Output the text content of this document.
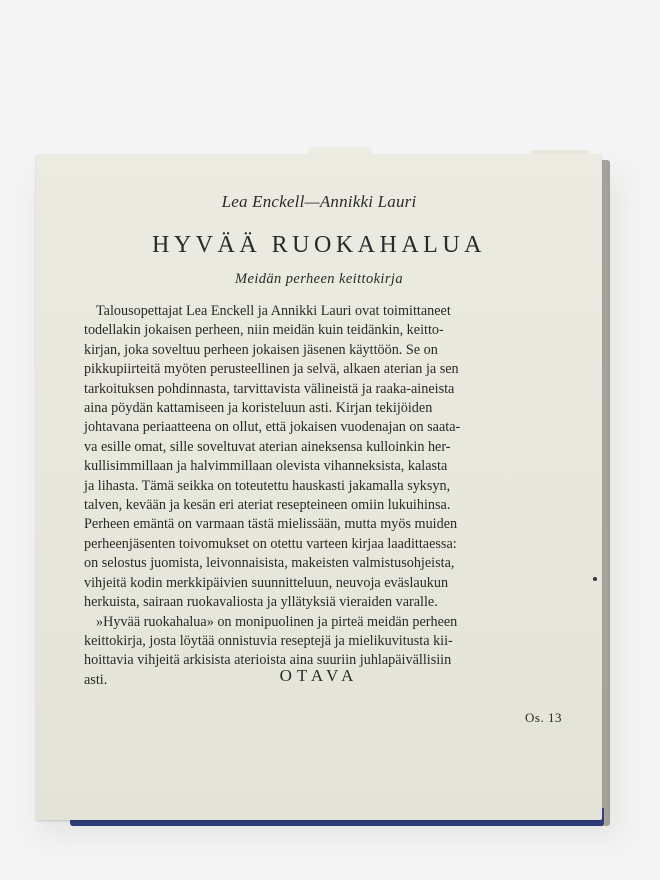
Lea Enckell—Annikki Lauri
HYVÄÄ RUOKAHALUA
Meidän perheen keittokirja

Talousopettajat Lea Enckell ja Annikki Lauri ovat toimittaneet
todellakin jokaisen perheen, niin meidän kuin teidänkin, keitto-
kirjan, joka soveltuu perheen jokaisen jäsenen käyttöön. Se on
pikkupiirteitä myöten perusteellinen ja selvä, alkaen aterian ja sen
tarkoituksen pohdinnasta, tarvittavista välineistä ja raaka-aineista
aina pöydän kattamiseen ja koristeluun asti. Kirjan tekijöiden
johtavana periaatteena on ollut, että jokaisen vuodenajan on saata-
va esille omat, sille soveltuvat aterian aineksensa kulloinkin her-
kullisimmillaan ja halvimmillaan olevista vihanneksista, kalasta
ja lihasta. Tämä seikka on toteutettu hauskasti jakamalla syksyn,
talven, kevään ja kesän eri ateriat resepteineen omiin lukuihinsa.
Perheen emäntä on varmaan tästä mielissään, mutta myös muiden
perheenjäsenten toivomukset on otettu varteen kirjaa laadittaessa:
on selostus juomista, leivonnaisista, makeisten valmistusohjeista,
vihjeitä kodin merkkipäivien suunnitteluun, neuvoja eväslaukun
herkuista, sairaan ruokavaliosta ja yllätyksiä vieraiden varalle.

»Hyvää ruokahalua» on monipuolinen ja pirteä meidän perheen
keittokirja, josta löytää onnistuvia reseptejä ja mielikuvitusta kii-
hoittavia vihjeitä arkisista aterioista aina suuriin juhlapäivällisiin
asti.	OTAVA
Os. 13
